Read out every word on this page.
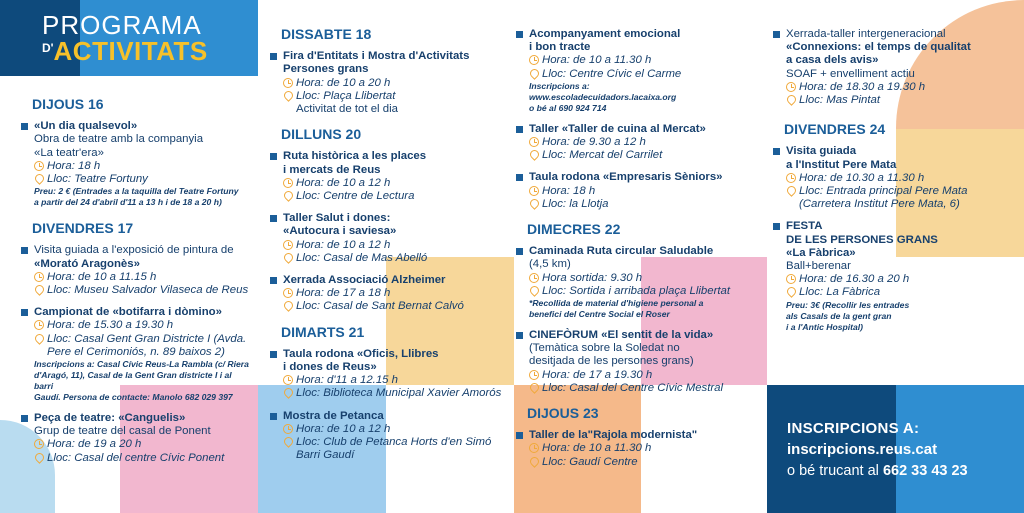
PROGRAMA
$^{D'}$ACTIVITATS
DIJOUS 16
«Un dia qualsevol»
Obra de teatre amb la companyia
«La teatr'era»
Hora: 18 h
Lloc: Teatre Fortuny
Preu: 2 € (Entrades a la taquilla del Teatre Fortuny
a partir del 24 d'abril d'11 a 13 h i de 18 a 20 h)
DIVENDRES 17
Visita guiada a l'exposició de pintura de
«Morató Aragonès»
Hora: de 10 a 11.15 h
Lloc: Museu Salvador Vilaseca de Reus
Campionat de «botifarra i dòmino»
Hora: de 15.30 a 19.30 h
Lloc: Casal Gent Gran Districte I (Avda.
Pere el Cerimoniós, n. 89 baixos 2)
Inscripcions a: Casal Cívic Reus-La Rambla (c/ Riera
d'Aragó, 11), Casal de la Gent Gran districte I i al barri
Gaudí. Persona de contacte: Manolo 682 029 397
Peça de teatre: «Canguelis»
Grup de teatre del casal de Ponent
Hora: de 19 a 20 h
Lloc: Casal del centre Cívic Ponent
DISSABTE 18
Fira d'Entitats i Mostra d'Activitats
Persones grans
Hora: de 10 a 20 h
Lloc: Plaça Llibertat
Activitat de tot el dia
DILLUNS 20
Ruta històrica a les places
i mercats de Reus
Hora: de 10 a 12 h
Lloc: Centre de Lectura
Taller Salut i dones:
«Autocura i saviesa»
Hora: de 10 a 12 h
Lloc: Casal de Mas Abelló
Xerrada Associació Alzheimer
Hora: de 17 a 18 h
Lloc: Casal de Sant Bernat Calvó
DIMARTS 21
Taula rodona «Oficis, Llibres
i dones de Reus»
Hora: d'11 a 12.15 h
Lloc: Biblioteca Municipal Xavier Amorós
Mostra de Petanca
Hora: de 10 a 12 h
Lloc: Club de Petanca Horts d'en Simó
Barri Gaudí
Acompanyament emocional
i bon tracte
Hora: de 10 a 11.30 h
Lloc: Centre Cívic el Carme
Inscripcions a:
www.escoladecuidadors.lacaixa.org
o bé al 690 924 714
Taller «Taller de cuina al Mercat»
Hora: de 9.30 a 12 h
Lloc: Mercat del Carrilet
Taula rodona «Empresaris Sèniors»
Hora: 18 h
Lloc: la Llotja
DIMECRES 22
Caminada Ruta circular Saludable
(4,5 km)
Hora sortida: 9.30 h
Lloc: Sortida i arribada plaça Llibertat
*Recollida de material d'higiene personal a
benefici del Centre Social el Roser
CINEFÒRUM «El sentit de la vida»
(Temàtica sobre la Soledat no
desitjada de les persones grans)
Hora: de 17 a 19.30 h
Lloc: Casal del Centre Cívic Mestral
DIJOUS 23
Taller de la"Rajola modernista"
Hora: de 10 a 11.30 h
Lloc: Gaudí Centre
Xerrada-taller intergeneracional
«Connexions: el temps de qualitat
a casa dels avis»
SOAF + envelliment actiu
Hora: de 18.30 a 19.30 h
Lloc: Mas Pintat
DIVENDRES 24
Visita guiada
a l'Institut Pere Mata
Hora: de 10.30 a 11.30 h
Lloc: Entrada principal Pere Mata
(Carretera Institut Pere Mata, 6)
FESTA
DE LES PERSONES GRANS
«La Fàbrica»
Ball+berenar
Hora: de 16.30 a 20 h
Lloc: La Fàbrica
Preu: 3€ (Recollir les entrades
als Casals de la gent gran
i a l'Antic Hospital)
INSCRIPCIONS A:
inscripcions.reus.cat
o bé trucant al 662 33 43 23
